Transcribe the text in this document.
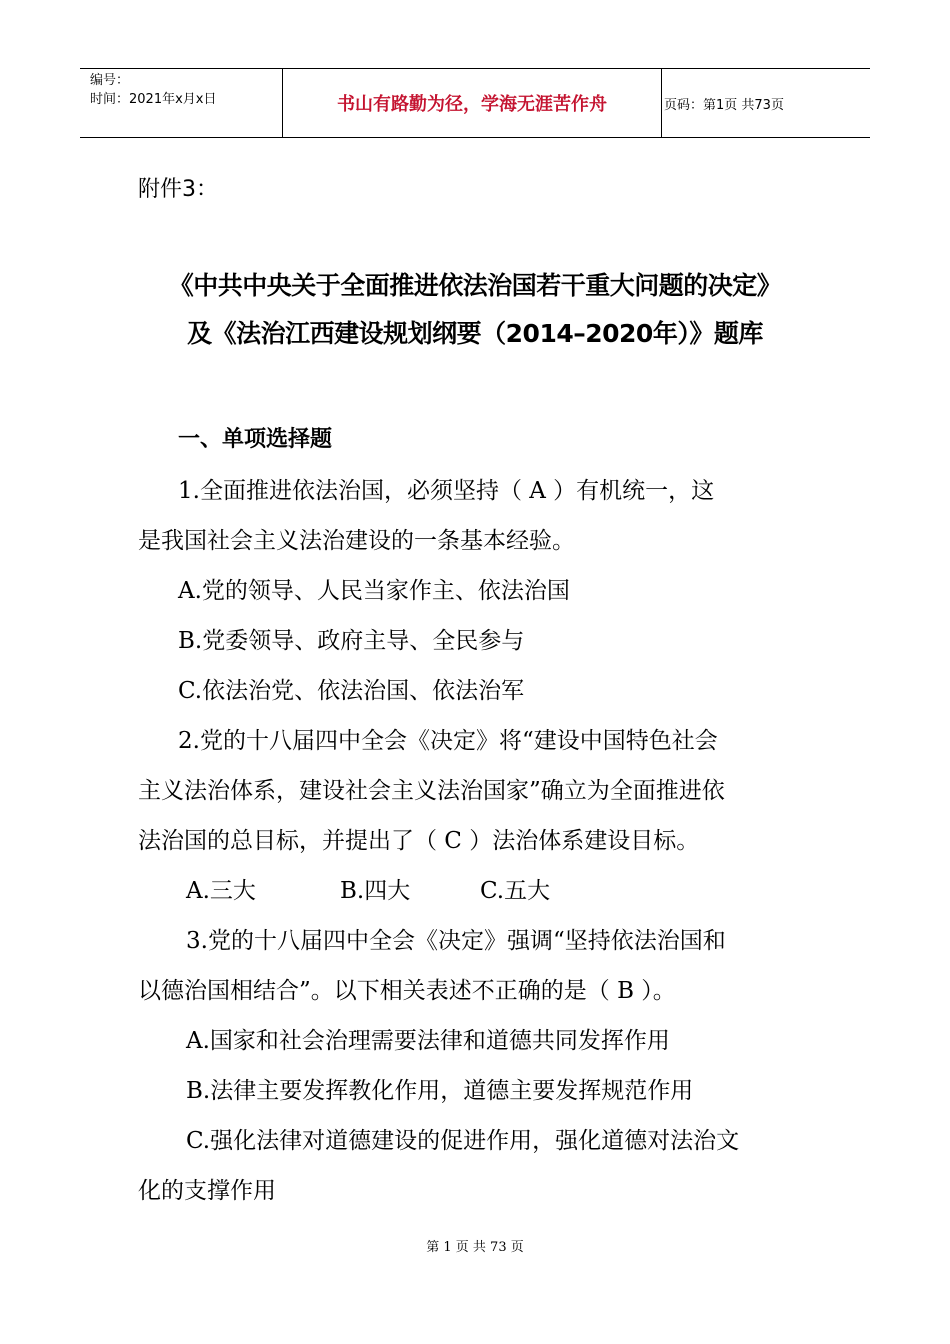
编号：
时间：2021年x月x日	书山有路勤为径，学海无涯苦作舟	页码：第1页 共73页
附件3：
《中共中央关于全面推进依法治国若干重大问题的决定》
及《法治江西建设规划纲要（2014–2020年）》题库
一、单项选择题
1.全面推进依法治国，必须坚持（ A ）有机统一，这
是我国社会主义法治建设的一条基本经验。
A.党的领导、人民当家作主、依法治国
B.党委领导、政府主导、全民参与
C.依法治党、依法治国、依法治军
2.党的十八届四中全会《决定》将“建设中国特色社会
主义法治体系，建设社会主义法治国家”确立为全面推进依
法治国的总目标，并提出了（ C ）法治体系建设目标。
A.三大	B.四大	C.五大
3.党的十八届四中全会《决定》强调“坚持依法治国和
以德治国相结合”。以下相关表述不正确的是（ B ）。
A.国家和社会治理需要法律和道德共同发挥作用
B.法律主要发挥教化作用，道德主要发挥规范作用
C.强化法律对道德建设的促进作用，强化道德对法治文
化的支撑作用
第 1 页 共 73 页
